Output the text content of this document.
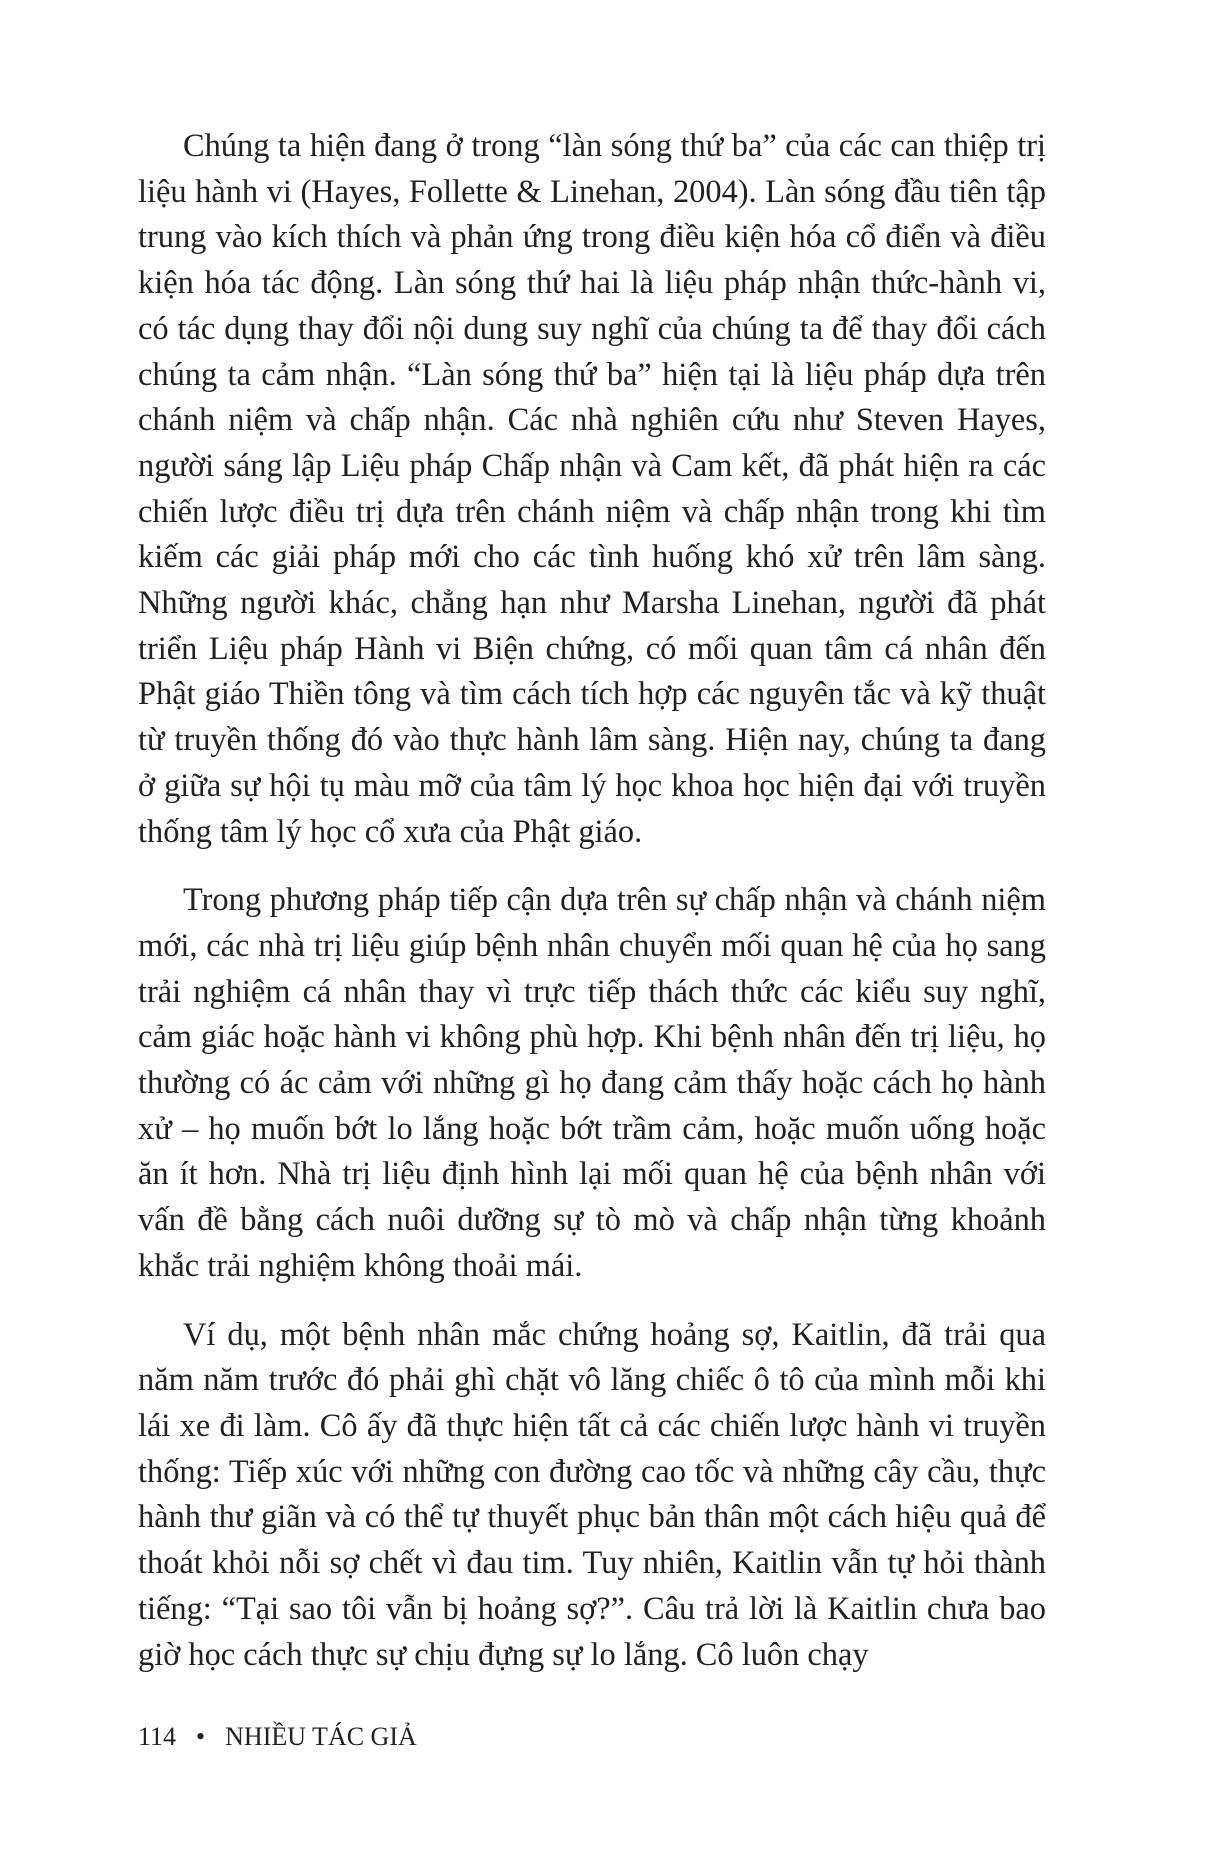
Chúng ta hiện đang ở trong “làn sóng thứ ba” của các can thiệp trị liệu hành vi (Hayes, Follette & Linehan, 2004). Làn sóng đầu tiên tập trung vào kích thích và phản ứng trong điều kiện hóa cổ điển và điều kiện hóa tác động. Làn sóng thứ hai là liệu pháp nhận thức-hành vi, có tác dụng thay đổi nội dung suy nghĩ của chúng ta để thay đổi cách chúng ta cảm nhận. “Làn sóng thứ ba” hiện tại là liệu pháp dựa trên chánh niệm và chấp nhận. Các nhà nghiên cứu như Steven Hayes, người sáng lập Liệu pháp Chấp nhận và Cam kết, đã phát hiện ra các chiến lược điều trị dựa trên chánh niệm và chấp nhận trong khi tìm kiếm các giải pháp mới cho các tình huống khó xử trên lâm sàng. Những người khác, chẳng hạn như Marsha Linehan, người đã phát triển Liệu pháp Hành vi Biện chứng, có mối quan tâm cá nhân đến Phật giáo Thiền tông và tìm cách tích hợp các nguyên tắc và kỹ thuật từ truyền thống đó vào thực hành lâm sàng. Hiện nay, chúng ta đang ở giữa sự hội tụ màu mỡ của tâm lý học khoa học hiện đại với truyền thống tâm lý học cổ xưa của Phật giáo.

Trong phương pháp tiếp cận dựa trên sự chấp nhận và chánh niệm mới, các nhà trị liệu giúp bệnh nhân chuyển mối quan hệ của họ sang trải nghiệm cá nhân thay vì trực tiếp thách thức các kiểu suy nghĩ, cảm giác hoặc hành vi không phù hợp. Khi bệnh nhân đến trị liệu, họ thường có ác cảm với những gì họ đang cảm thấy hoặc cách họ hành xử – họ muốn bớt lo lắng hoặc bớt trầm cảm, hoặc muốn uống hoặc ăn ít hơn. Nhà trị liệu định hình lại mối quan hệ của bệnh nhân với vấn đề bằng cách nuôi dưỡng sự tò mò và chấp nhận từng khoảnh khắc trải nghiệm không thoải mái.

Ví dụ, một bệnh nhân mắc chứng hoảng sợ, Kaitlin, đã trải qua năm năm trước đó phải ghì chặt vô lăng chiếc ô tô của mình mỗi khi lái xe đi làm. Cô ấy đã thực hiện tất cả các chiến lược hành vi truyền thống: Tiếp xúc với những con đường cao tốc và những cây cầu, thực hành thư giãn và có thể tự thuyết phục bản thân một cách hiệu quả để thoát khỏi nỗi sợ chết vì đau tim. Tuy nhiên, Kaitlin vẫn tự hỏi thành tiếng: “Tại sao tôi vẫn bị hoảng sợ?”. Câu trả lời là Kaitlin chưa bao giờ học cách thực sự chịu đựng sự lo lắng. Cô luôn chạy

114 • NHIỀU TÁC GIẢ
